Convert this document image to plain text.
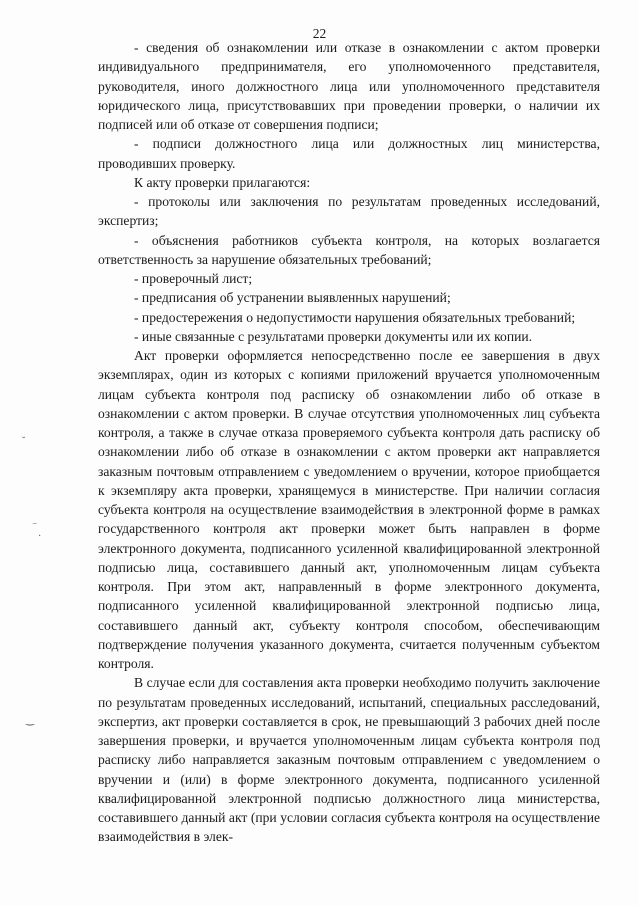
22

- сведения об ознакомлении или отказе в ознакомлении с актом проверки индивидуального предпринимателя, его уполномоченного представителя, руководителя, иного должностного лица или уполномоченного представителя юридического лица, присутствовавших при проведении проверки, о наличии их подписей или об отказе от совершения подписи;

- подписи должностного лица или должностных лиц министерства, проводивших проверку.

К акту проверки прилагаются:

- протоколы или заключения по результатам проведенных исследований, экспертиз;

- объяснения работников субъекта контроля, на которых возлагается ответственность за нарушение обязательных требований;

- проверочный лист;

- предписания об устранении выявленных нарушений;

- предостережения о недопустимости нарушения обязательных требований;

- иные связанные с результатами проверки документы или их копии.

Акт проверки оформляется непосредственно после ее завершения в двух экземплярах, один из которых с копиями приложений вручается уполномоченным лицам субъекта контроля под расписку об ознакомлении либо об отказе в ознакомлении с актом проверки. В случае отсутствия уполномоченных лиц субъекта контроля, а также в случае отказа проверяемого субъекта контроля дать расписку об ознакомлении либо об отказе в ознакомлении с актом проверки акт направляется заказным почтовым отправлением с уведомлением о вручении, которое приобщается к экземпляру акта проверки, хранящемуся в министерстве. При наличии согласия субъекта контроля на осуществление взаимодействия в электронной форме в рамках государственного контроля акт проверки может быть направлен в форме электронного документа, подписанного усиленной квалифицированной электронной подписью лица, составившего данный акт, уполномоченным лицам субъекта контроля. При этом акт, направленный в форме электронного документа, подписанного усиленной квалифицированной электронной подписью лица, составившего данный акт, субъекту контроля способом, обеспечивающим подтверждение получения указанного документа, считается полученным субъектом контроля.

В случае если для составления акта проверки необходимо получить заключение по результатам проведенных исследований, испытаний, специальных расследований, экспертиз, акт проверки составляется в срок, не превышающий 3 рабочих дней после завершения проверки, и вручается уполномоченным лицам субъекта контроля под расписку либо направляется заказным почтовым отправлением с уведомлением о вручении и (или) в форме электронного документа, подписанного усиленной квалифицированной электронной подписью должностного лица министерства, составившего данный акт (при условии согласия субъекта контроля на осуществление взаимодействия в элек-

˘
⁻
·
‿
